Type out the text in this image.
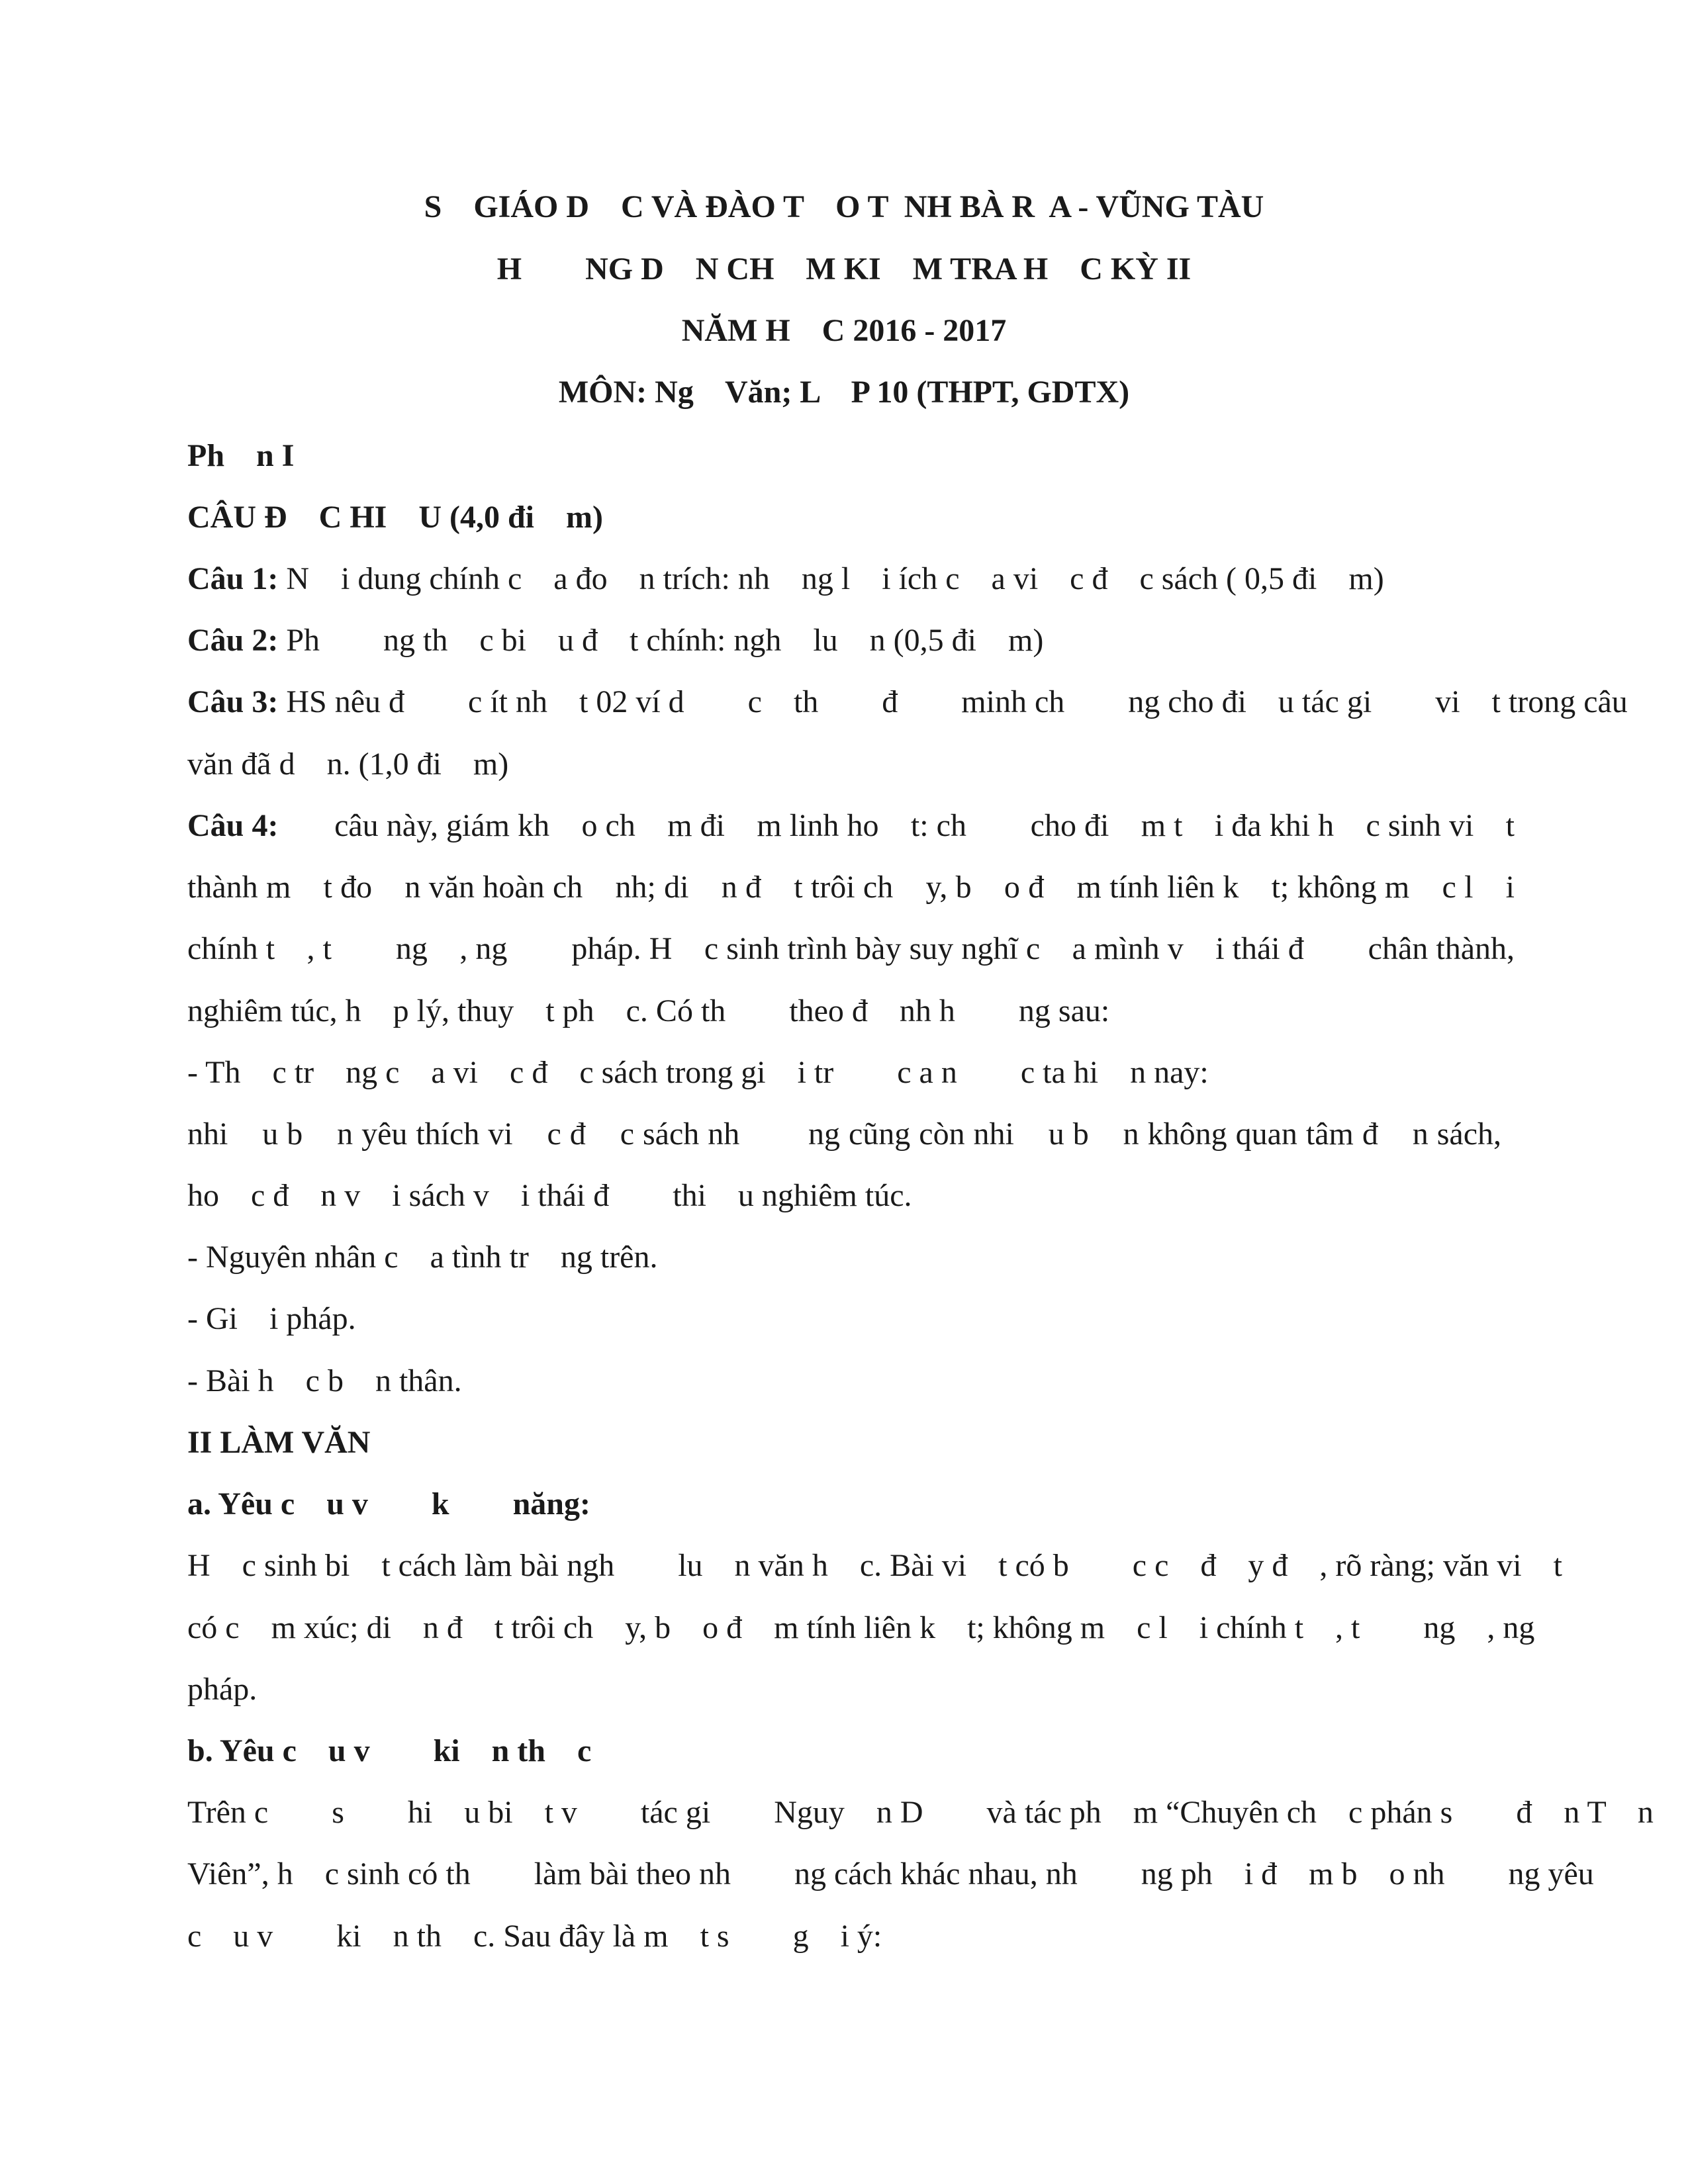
S    GIÁO D    C VÀ ĐÀO T    O T  NH BÀ R  A - VŨNG TÀU
H        NG D    N CH    M KI    M TRA H    C KỲ II
NĂM H    C 2016 - 2017
MÔN: Ng    Văn; L    P 10 (THPT, GDTX)
Ph    n I
CÂU Đ    C HI    U (4,0 đi    m)
Câu 1: N    i dung chính c    a đo    n trích: nh    ng l    i ích c    a vi    c đ    c sách ( 0,5 đi    m)
Câu 2: Ph        ng th    c bi    u đ    t chính: ngh    lu    n (0,5 đi    m)
Câu 3: HS nêu đ        c ít nh    t 02 ví d        c    th        đ        minh ch        ng cho đi    u tác gi        vi    t trong câu
văn đã d    n. (1,0 đi    m)
Câu 4:       câu này, giám kh    o ch    m đi    m linh ho    t: ch        cho đi    m t    i đa khi h    c sinh vi    t
thành m    t đo    n văn hoàn ch    nh; di    n đ    t trôi ch    y, b    o đ    m tính liên k    t; không m    c l    i
chính t    , t        ng    , ng        pháp. H    c sinh trình bày suy nghĩ c    a mình v    i thái đ        chân thành,
nghiêm túc, h    p lý, thuy    t ph    c. Có th        theo đ    nh h        ng sau:
- Th    c tr    ng c    a vi    c đ    c sách trong gi    i tr        c a n        c ta hi    n nay:
nhi    u b    n yêu thích vi    c đ    c sách nh        ng cũng còn nhi    u b    n không quan tâm đ    n sách,
ho    c đ    n v    i sách v    i thái đ        thi    u nghiêm túc.
- Nguyên nhân c    a tình tr    ng trên.
- Gi    i pháp.
- Bài h    c b    n thân.
II LÀM VĂN
a. Yêu c    u v        k        năng:
H    c sinh bi    t cách làm bài ngh        lu    n văn h    c. Bài vi    t có b        c c    đ    y đ    , rõ ràng; văn vi    t
có c    m xúc; di    n đ    t trôi ch    y, b    o đ    m tính liên k    t; không m    c l    i chính t    , t        ng    , ng
pháp.
b. Yêu c    u v        ki    n th    c
Trên c        s        hi    u bi    t v        tác gi        Nguy    n D        và tác ph    m “Chuyên ch    c phán s        đ    n T    n
Viên”, h    c sinh có th        làm bài theo nh        ng cách khác nhau, nh        ng ph    i đ    m b    o nh        ng yêu
c    u v        ki    n th    c. Sau đây là m    t s        g    i ý:
